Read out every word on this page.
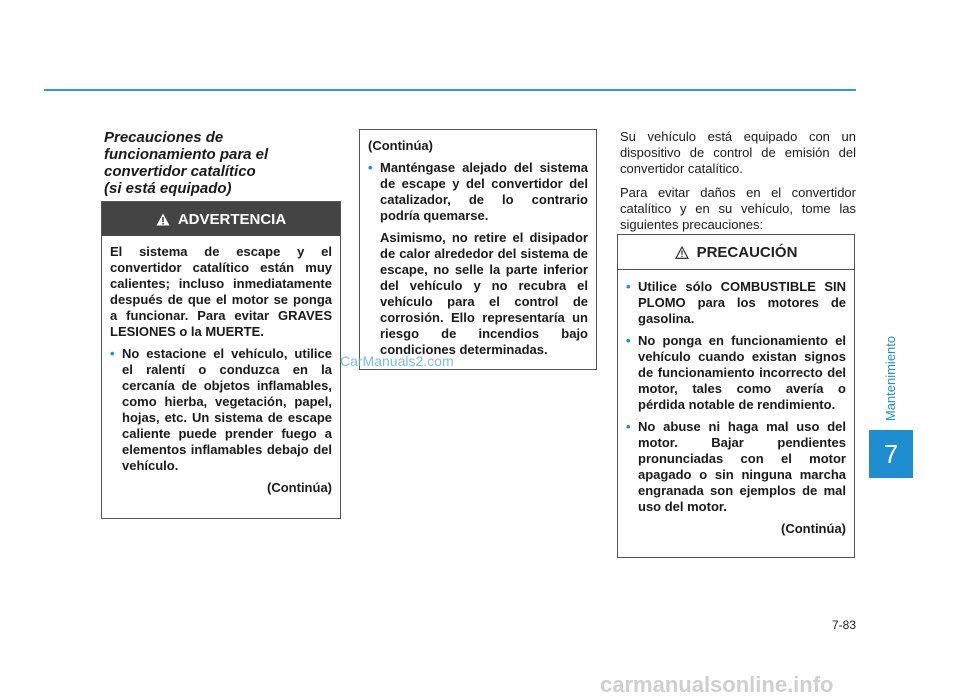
Precauciones de
funcionamiento para el
convertidor catalítico
(si está equipado)
ADVERTENCIA

El sistema de escape y el convertidor catalítico están muy calientes; incluso inmediatamente después de que el motor se ponga a funcionar. Para evitar GRAVES LESIONES o la MUERTE.

• No estacione el vehículo, utilice el ralentí o conduzca en la cercanía de objetos inflamables, como hierba, vegetación, papel, hojas, etc. Un sistema de escape caliente puede prender fuego a elementos inflamables debajo del vehículo.
(Continúa)

(Continúa)

• Manténgase alejado del sistema de escape y del convertidor del catalizador, de lo contrario podría quemarse.

Asimismo, no retire el disipador de calor alrededor del sistema de escape, no selle la parte inferior del vehículo y no recubra el vehículo para el control de corrosión. Ello representaría un riesgo de incendios bajo condiciones determinadas.

CarManuals2.com

Su vehículo está equipado con un dispositivo de control de emisión del convertidor catalítico.

Para evitar daños en el convertidor catalítico y en su vehículo, tome las siguientes precauciones:

PRECAUCIÓN
• Utilice sólo COMBUSTIBLE SIN PLOMO para los motores de gasolina.
• No ponga en funcionamiento el vehículo cuando existan signos de funcionamiento incorrecto del motor, tales como avería o pérdida notable de rendimiento.
• No abuse ni haga mal uso del motor. Bajar pendientes pronunciadas con el motor apagado o sin ninguna marcha engranada son ejemplos de mal uso del motor.
(Continúa)
Mantenimiento
7
7-83
carmanualsonline.info
